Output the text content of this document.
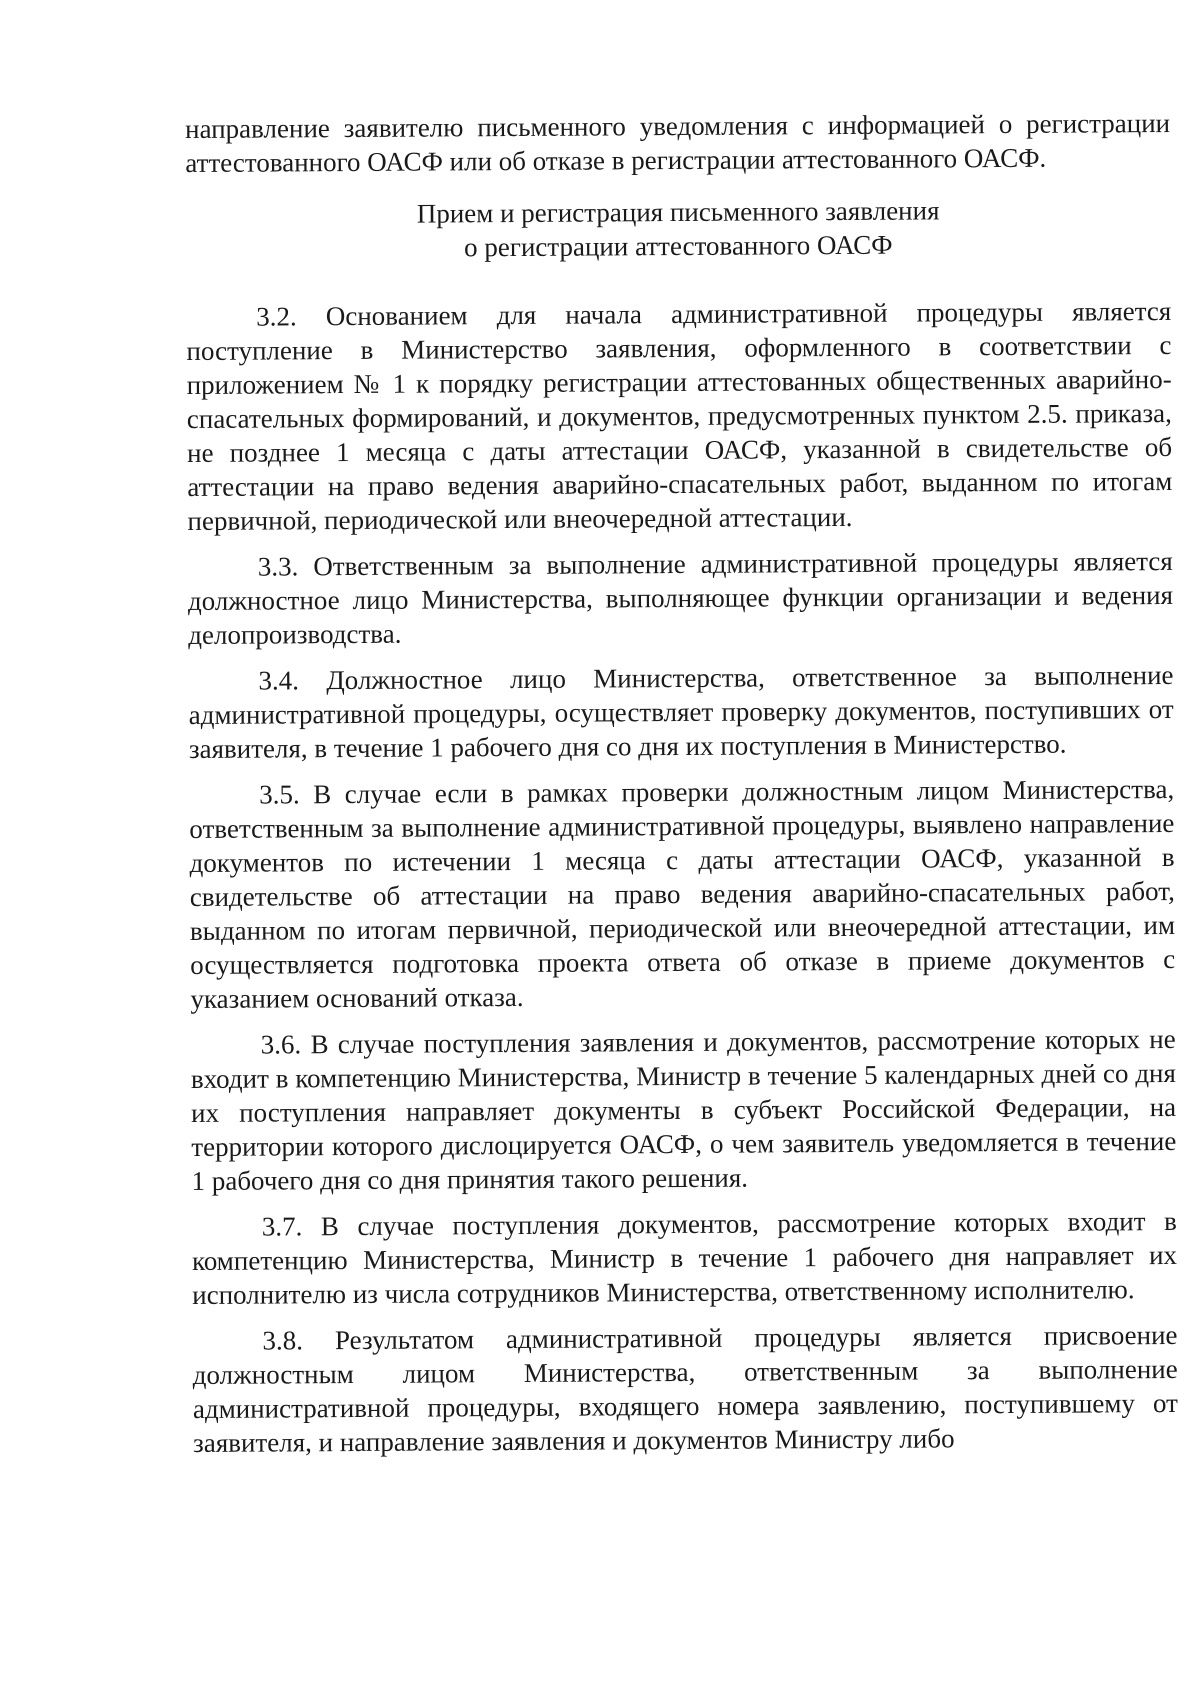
направление заявителю письменного уведомления с информацией о регистрации аттестованного ОАСФ или об отказе в регистрации аттестованного ОАСФ.

Прием и регистрация письменного заявления
о регистрации аттестованного ОАСФ

3.2. Основанием для начала административной процедуры является поступление в Министерство заявления, оформленного в соответствии с приложением № 1 к порядку регистрации аттестованных общественных аварийно-спасательных формирований, и документов, предусмотренных пунктом 2.5. приказа, не позднее 1 месяца с даты аттестации ОАСФ, указанной в свидетельстве об аттестации на право ведения аварийно-спасательных работ, выданном по итогам первичной, периодической или внеочередной аттестации.

3.3. Ответственным за выполнение административной процедуры является должностное лицо Министерства, выполняющее функции организации и ведения делопроизводства.

3.4. Должностное лицо Министерства, ответственное за выполнение административной процедуры, осуществляет проверку документов, поступивших от заявителя, в течение 1 рабочего дня со дня их поступления в Министерство.

3.5. В случае если в рамках проверки должностным лицом Министерства, ответственным за выполнение административной процедуры, выявлено направление документов по истечении 1 месяца с даты аттестации ОАСФ, указанной в свидетельстве об аттестации на право ведения аварийно-спасательных работ, выданном по итогам первичной, периодической или внеочередной аттестации, им осуществляется подготовка проекта ответа об отказе в приеме документов с указанием оснований отказа.

3.6. В случае поступления заявления и документов, рассмотрение которых не входит в компетенцию Министерства, Министр в течение 5 календарных дней со дня их поступления направляет документы в субъект Российской Федерации, на территории которого дислоцируется ОАСФ, о чем заявитель уведомляется в течение 1 рабочего дня со дня принятия такого решения.

3.7. В случае поступления документов, рассмотрение которых входит в компетенцию Министерства, Министр в течение 1 рабочего дня направляет их исполнителю из числа сотрудников Министерства, ответственному исполнителю.

3.8. Результатом административной процедуры является присвоение должностным лицом Министерства, ответственным за выполнение административной процедуры, входящего номера заявлению, поступившему от заявителя, и направление заявления и документов Министру либо
